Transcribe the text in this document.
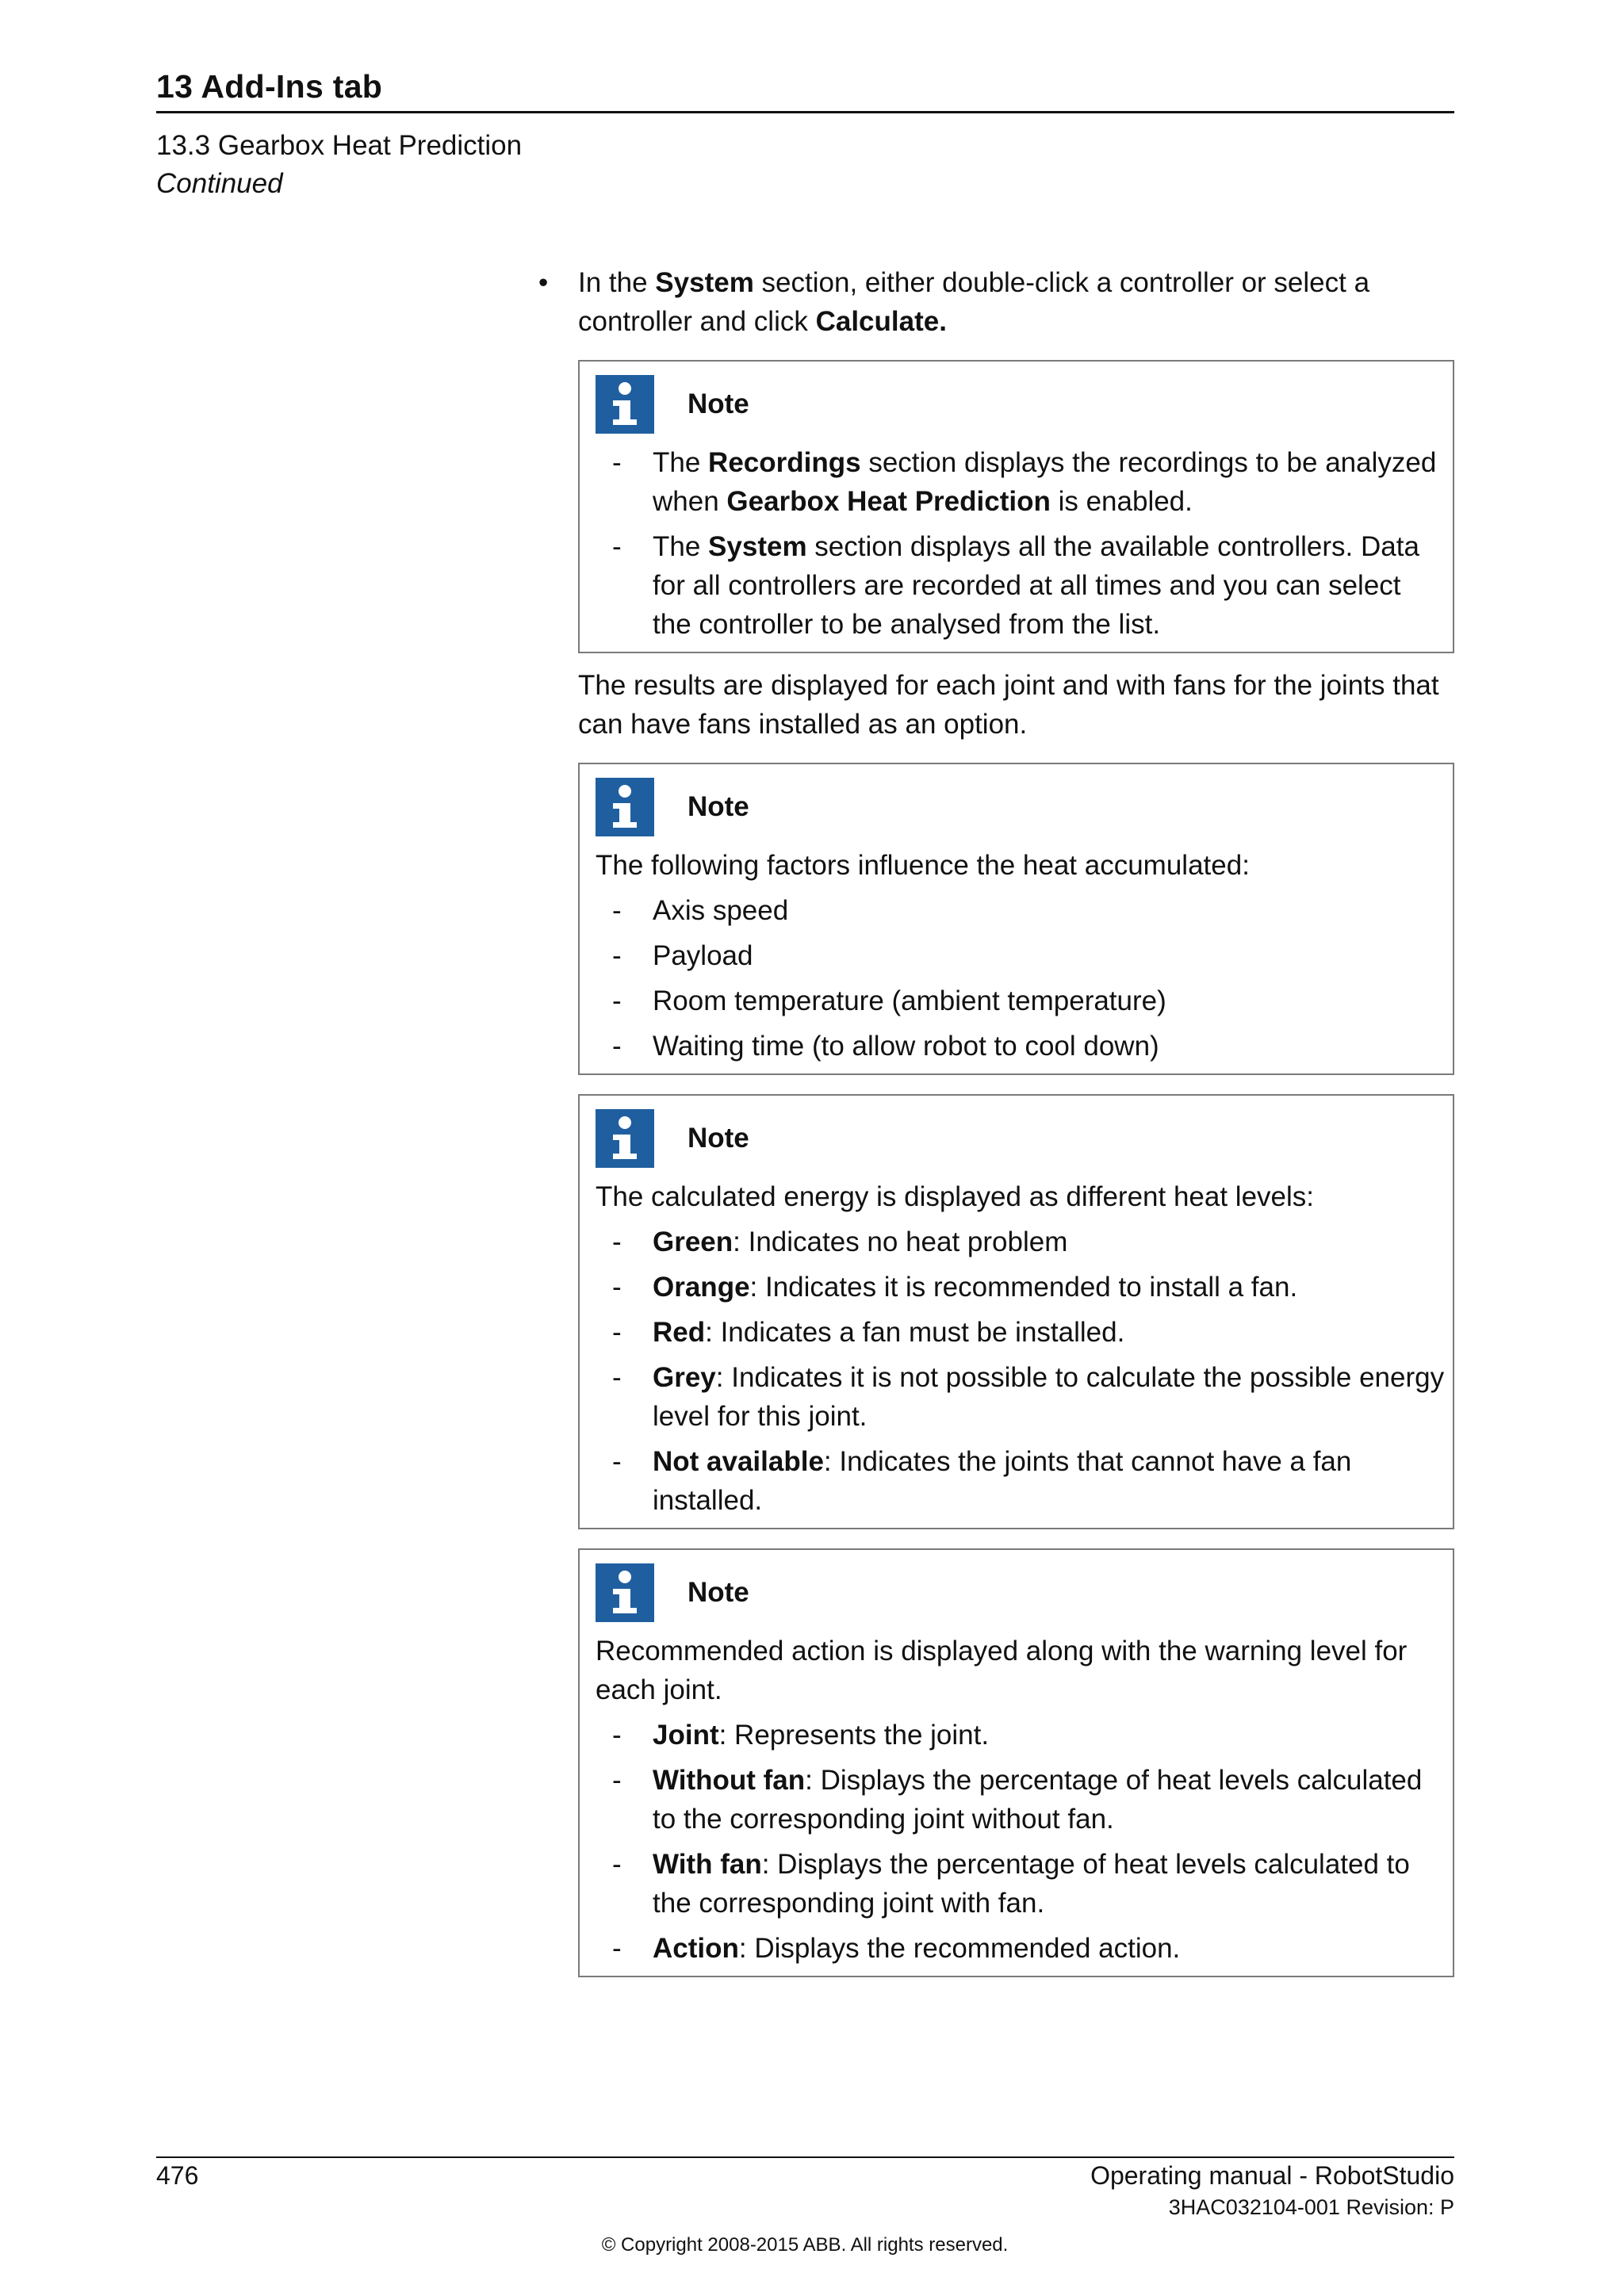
13 Add-Ins tab
13.3 Gearbox Heat Prediction
Continued
• In the System section, either double-click a controller or select a controller and click Calculate.
Note
- The Recordings section displays the recordings to be analyzed when Gearbox Heat Prediction is enabled.
- The System section displays all the available controllers. Data for all controllers are recorded at all times and you can select the controller to be analysed from the list.
The results are displayed for each joint and with fans for the joints that can have fans installed as an option.
Note
The following factors influence the heat accumulated:
- Axis speed
- Payload
- Room temperature (ambient temperature)
- Waiting time (to allow robot to cool down)
Note
The calculated energy is displayed as different heat levels:
- Green: Indicates no heat problem
- Orange: Indicates it is recommended to install a fan.
- Red: Indicates a fan must be installed.
- Grey: Indicates it is not possible to calculate the possible energy level for this joint.
- Not available: Indicates the joints that cannot have a fan installed.
Note
Recommended action is displayed along with the warning level for each joint.
- Joint: Represents the joint.
- Without fan: Displays the percentage of heat levels calculated to the corresponding joint without fan.
- With fan: Displays the percentage of heat levels calculated to the corresponding joint with fan.
- Action: Displays the recommended action.
476	Operating manual - RobotStudio
3HAC032104-001 Revision: P
© Copyright 2008-2015 ABB. All rights reserved.
